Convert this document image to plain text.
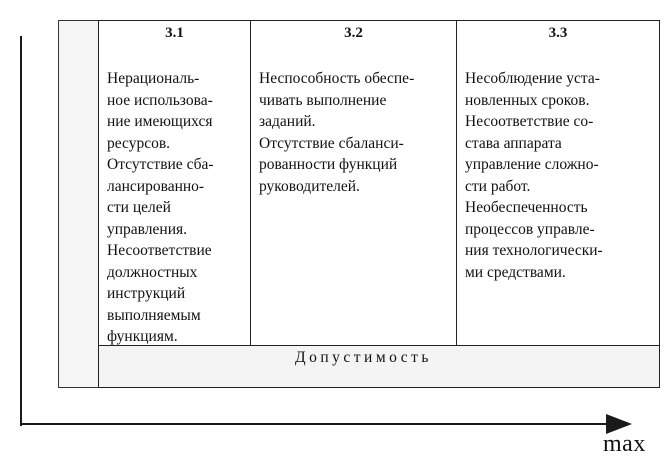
max
3.1

Нерациональ-

ное использова-

ние имеющихся

ресурсов.

Отсутствие сба-

лансированно-

сти целей

управления.

Несоответствие

должностных

инструкций

выполняемым

функциям.

3.2

Неспособность обеспе-

чивать выполнение

заданий.

Отсутствие сбаланси-

рованности функций

руководителей.

3.3

Несоблюдение уста-

новленных сроков.

Несоответствие со-

става аппарата

управление сложно-

сти работ.

Необеспеченность

процессов управле-

ния технологически-

ми средствами.

Допустимость
